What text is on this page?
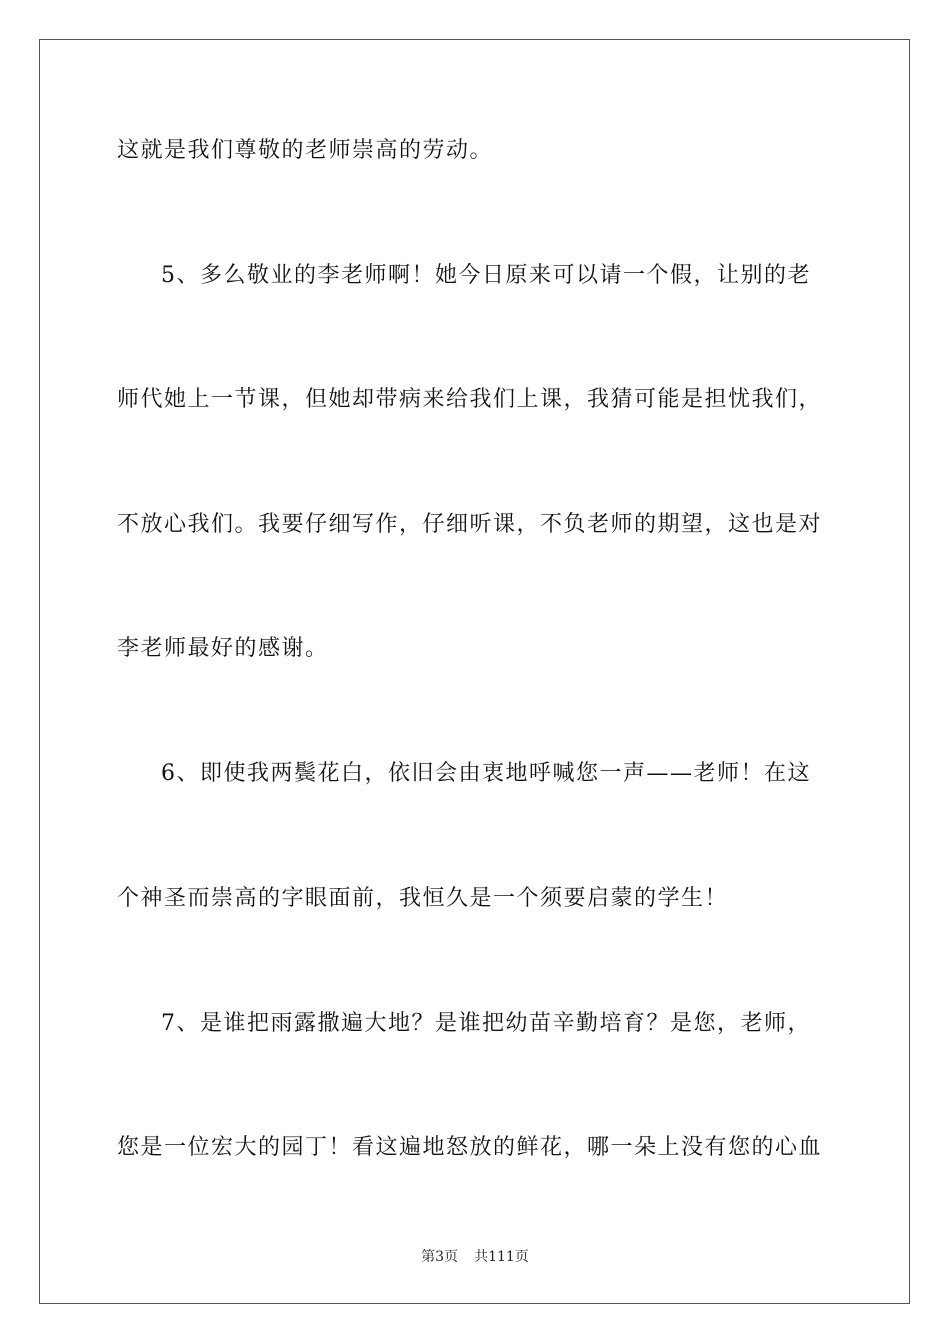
这就是我们尊敬的老师崇高的劳动。
5、多么敬业的李老师啊！她今日原来可以请一个假，让别的老
师代她上一节课，但她却带病来给我们上课，我猜可能是担忧我们，
不放心我们。我要仔细写作，仔细听课，不负老师的期望，这也是对
李老师最好的感谢。
6、即使我两鬓花白，依旧会由衷地呼喊您一声——老师！在这
个神圣而崇高的字眼面前，我恒久是一个须要启蒙的学生！
7、是谁把雨露撒遍大地？是谁把幼苗辛勤培育？是您，老师，
您是一位宏大的园丁！看这遍地怒放的鲜花，哪一朵上没有您的心血
第3页 共111页
